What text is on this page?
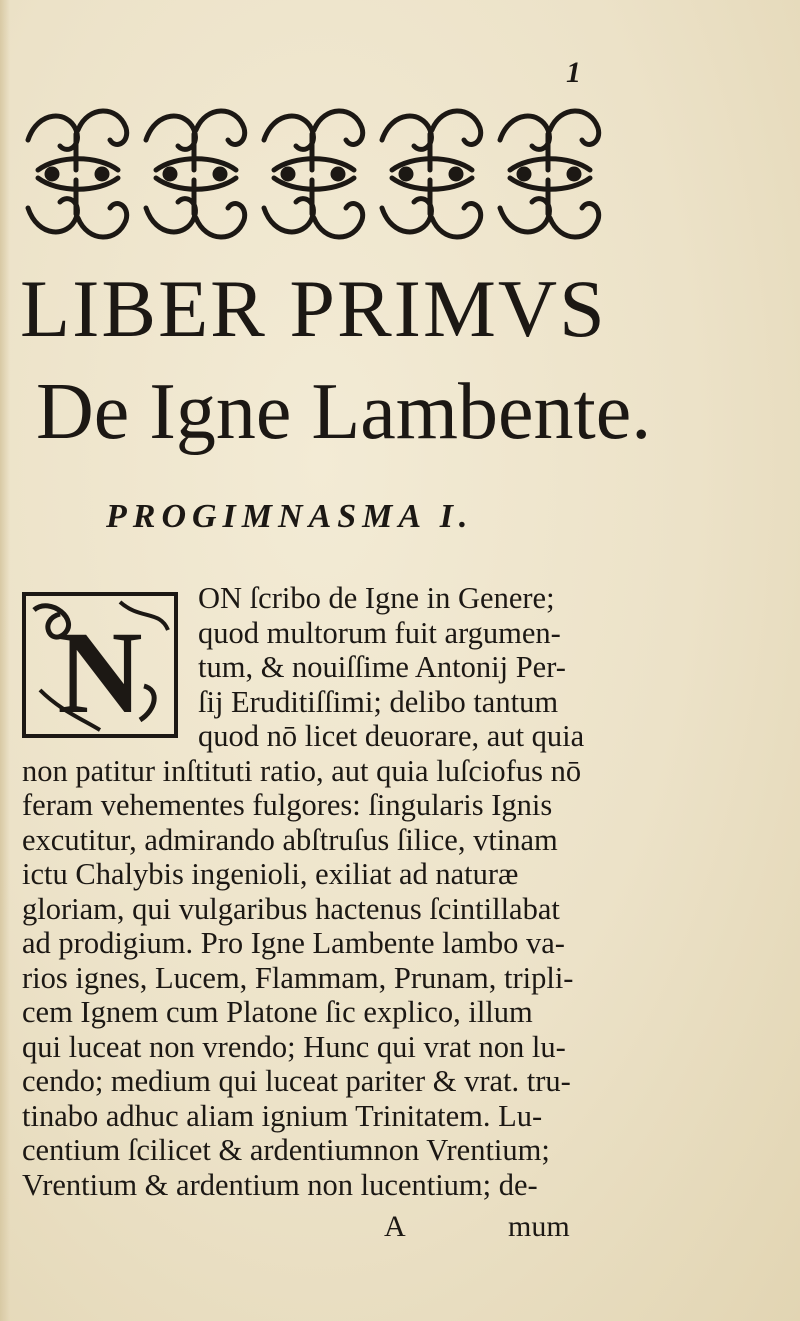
1
LIBER PRIMVS
De Igne Lambente.
PROGIMNASMA I.
N
ON ſcribo de Igne in Genere;
quod multorum fuit argumen-
tum, & nouiſſime Antonij Per-
ſij Eruditiſſimi; delibo tantum
quod nō licet deuorare, aut quia
non patitur inſtituti ratio, aut quia luſciofus nō
feram vehementes fulgores: ſingularis Ignis
excutitur, admirando abſtruſus ſilice, vtinam
ictu Chalybis ingenioli, exiliat ad naturæ
gloriam, qui vulgaribus hactenus ſcintillabat
ad prodigium. Pro Igne Lambente lambo va-
rios ignes, Lucem, Flammam, Prunam, tripli-
cem Ignem cum Platone ſic explico, illum
qui luceat non vrendo; Hunc qui vrat non lu-
cendo; medium qui luceat pariter & vrat. tru-
tinabo adhuc aliam ignium Trinitatem. Lu-
centium ſcilicet & ardentiumnon Vrentium;
Vrentium & ardentium non lucentium; de-
A	mum
